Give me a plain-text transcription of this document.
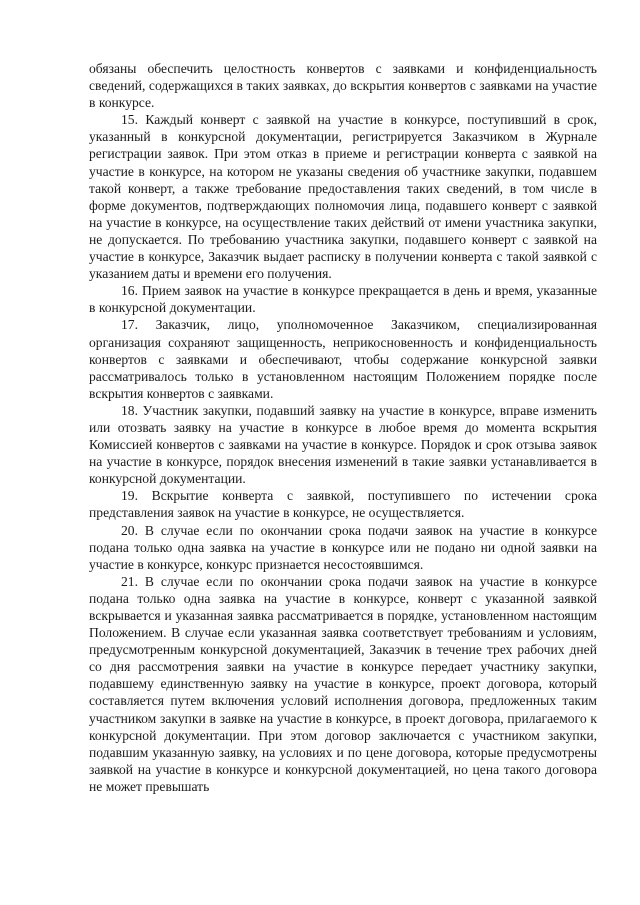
обязаны обеспечить целостность конвертов с заявками и конфиденциальность сведений, содержащихся в таких заявках, до вскрытия конвертов с заявками на участие в конкурсе.

15. Каждый конверт с заявкой на участие в конкурсе, поступивший в срок, указанный в конкурсной документации, регистрируется Заказчиком в Журнале регистрации заявок. При этом отказ в приеме и регистрации конверта с заявкой на участие в конкурсе, на котором не указаны сведения об участнике закупки, подавшем такой конверт, а также требование предоставления таких сведений, в том числе в форме документов, подтверждающих полномочия лица, подавшего конверт с заявкой на участие в конкурсе, на осуществление таких действий от имени участника закупки, не допускается. По требованию участника закупки, подавшего конверт с заявкой на участие в конкурсе, Заказчик выдает расписку в получении конверта с такой заявкой с указанием даты и времени его получения.

16. Прием заявок на участие в конкурсе прекращается в день и время, указанные в конкурсной документации.

17. Заказчик, лицо, уполномоченное Заказчиком, специализированная организация сохраняют защищенность, неприкосновенность и конфиденциальность конвертов с заявками и обеспечивают, чтобы содержание конкурсной заявки рассматривалось только в установленном настоящим Положением порядке после вскрытия конвертов с заявками.

18. Участник закупки, подавший заявку на участие в конкурсе, вправе изменить или отозвать заявку на участие в конкурсе в любое время до момента вскрытия Комиссией конвертов с заявками на участие в конкурсе. Порядок и срок отзыва заявок на участие в конкурсе, порядок внесения изменений в такие заявки устанавливается в конкурсной документации.

19. Вскрытие конверта с заявкой, поступившего по истечении срока представления заявок на участие в конкурсе, не осуществляется.

20. В случае если по окончании срока подачи заявок на участие в конкурсе подана только одна заявка на участие в конкурсе или не подано ни одной заявки на участие в конкурсе, конкурс признается несостоявшимся.

21. В случае если по окончании срока подачи заявок на участие в конкурсе подана только одна заявка на участие в конкурсе, конверт с указанной заявкой вскрывается и указанная заявка рассматривается в порядке, установленном настоящим Положением. В случае если указанная заявка соответствует требованиям и условиям, предусмотренным конкурсной документацией, Заказчик в течение трех рабочих дней со дня рассмотрения заявки на участие в конкурсе передает участнику закупки, подавшему единственную заявку на участие в конкурсе, проект договора, который составляется путем включения условий исполнения договора, предложенных таким участником закупки в заявке на участие в конкурсе, в проект договора, прилагаемого к конкурсной документации. При этом договор заключается с участником закупки, подавшим указанную заявку, на условиях и по цене договора, которые предусмотрены заявкой на участие в конкурсе и конкурсной документацией, но цена такого договора не может превышать
